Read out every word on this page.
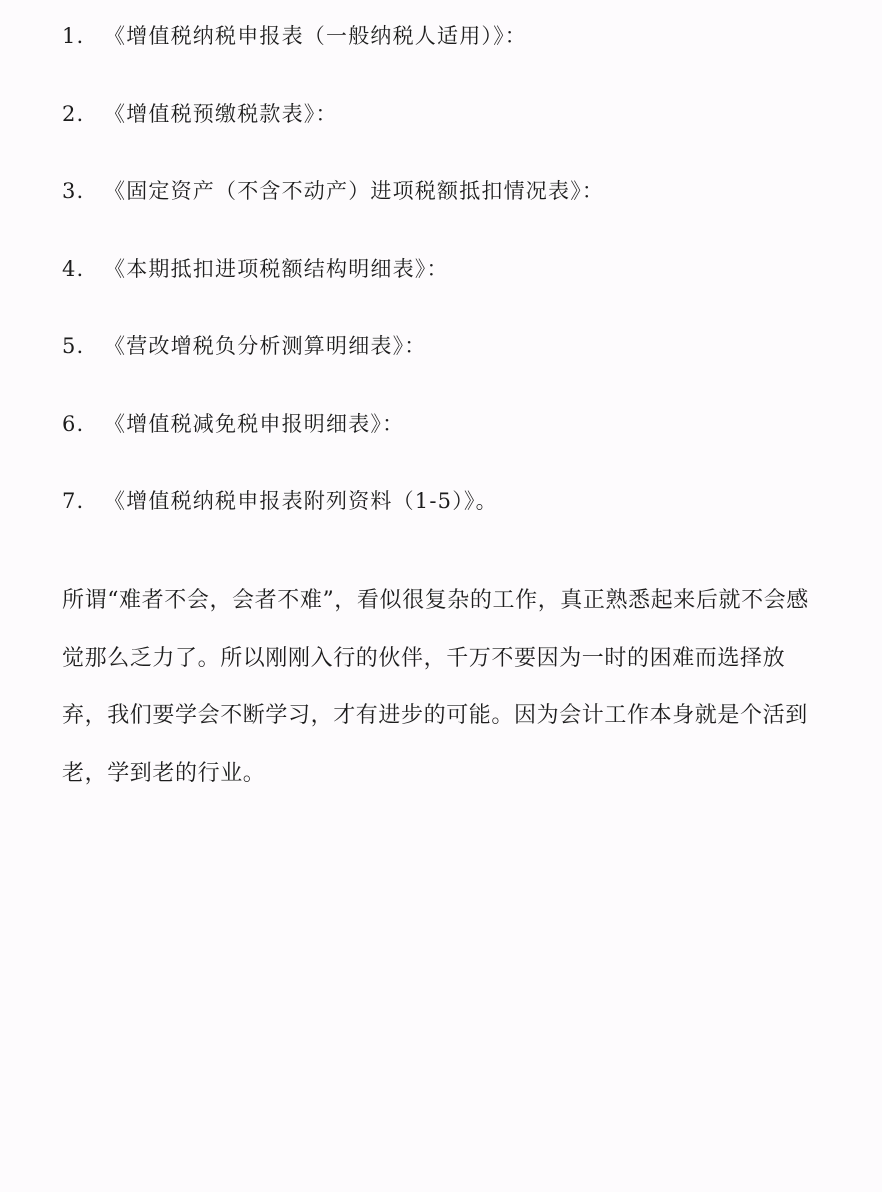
1. 《增值税纳税申报表（一般纳税人适用）》：
2. 《增值税预缴税款表》：
3. 《固定资产（不含不动产）进项税额抵扣情况表》：
4. 《本期抵扣进项税额结构明细表》：
5. 《营改增税负分析测算明细表》：
6. 《增值税减免税申报明细表》：
7. 《增值税纳税申报表附列资料（1-5）》。

所谓“难者不会，会者不难”，看似很复杂的工作，真正熟悉起来后就不会感觉那么乏力了。所以刚刚入行的伙伴，千万不要因为一时的困难而选择放弃，我们要学会不断学习，才有进步的可能。因为会计工作本身就是个活到老，学到老的行业。
